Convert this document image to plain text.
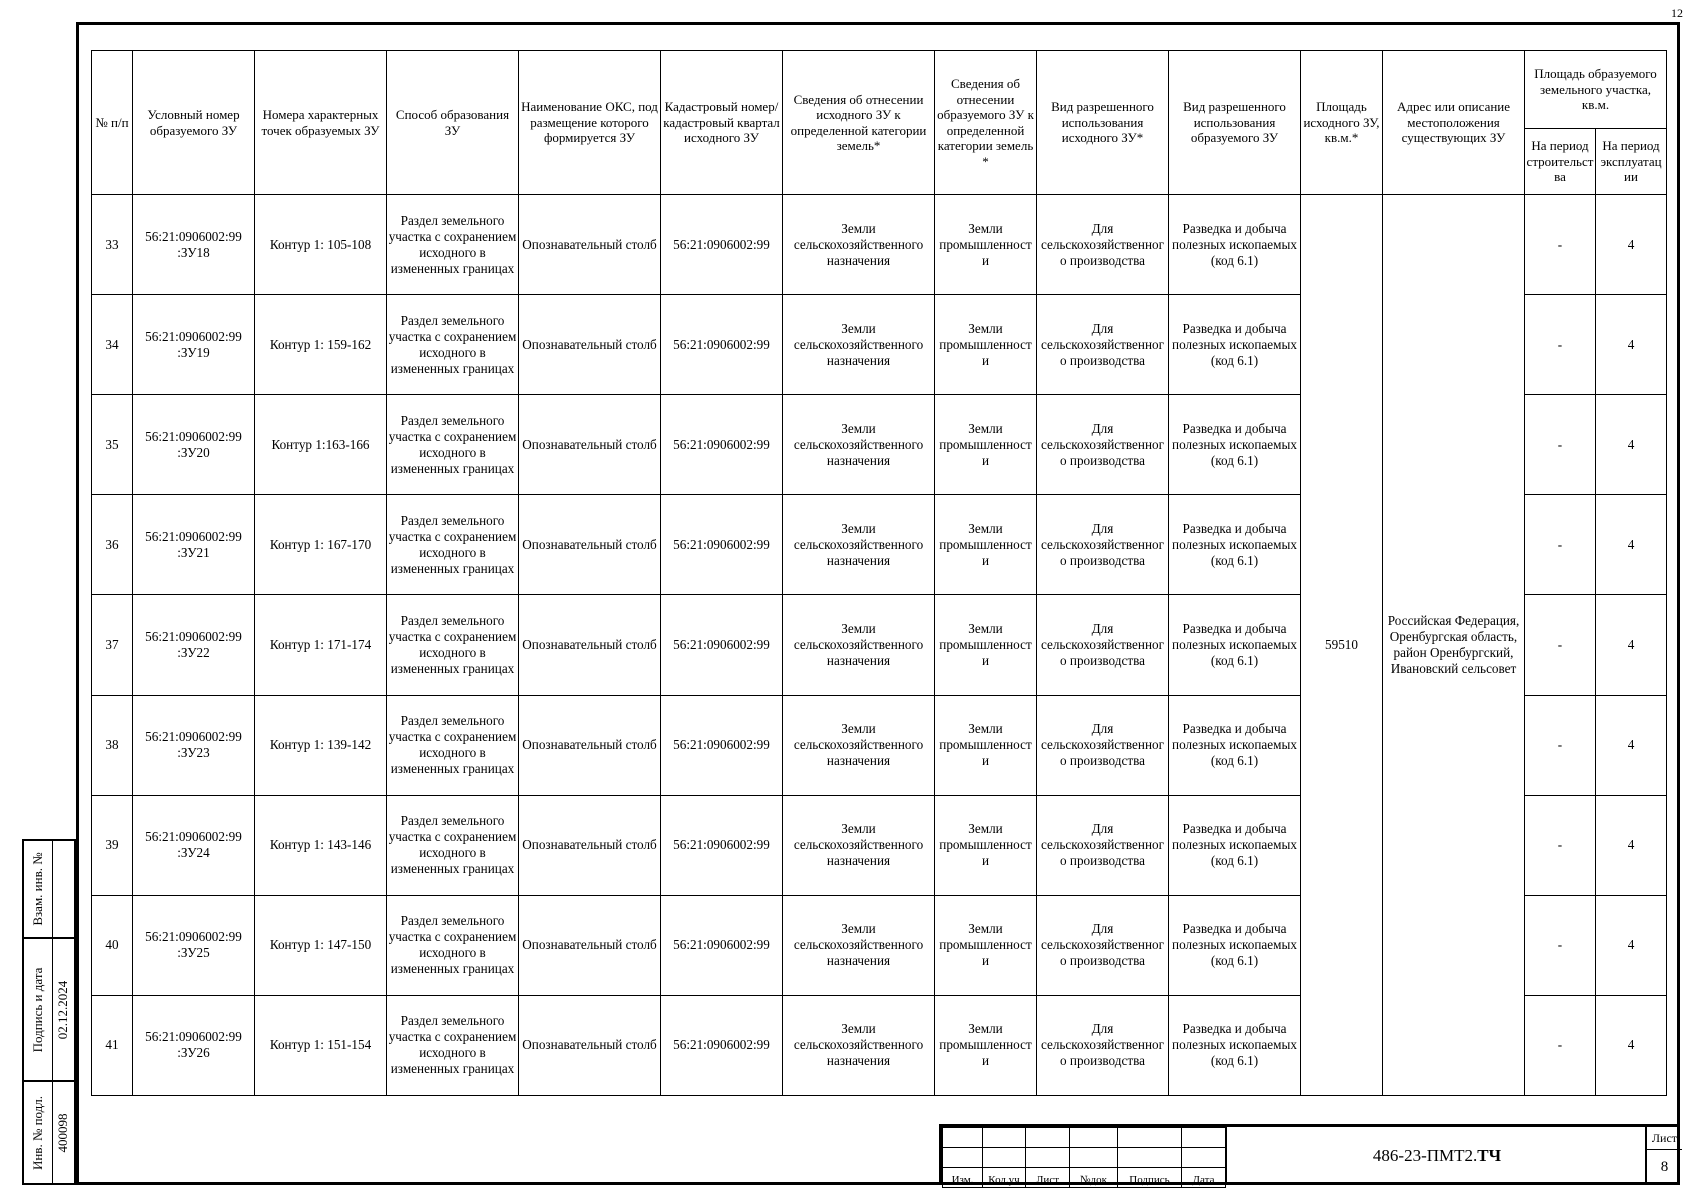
12
№ п/п	Условный номер образуемого ЗУ	Номера характерных точек образуемых ЗУ	Способ образования ЗУ	Наименование ОКС, под размещение которого формируется ЗУ	Кадастровый номер/ кадастровый квартал исходного ЗУ	Сведения об отнесении исходного ЗУ к определенной категории земель*	Сведения об отнесении образуемого ЗУ к определенной категории земель *	Вид разрешенного использования исходного ЗУ*	Вид разрешенного использования образуемого ЗУ	Площадь исходного ЗУ, кв.м.*	Адрес или описание местоположения существующих ЗУ	Площадь образуемого земельного участка, кв.м.	
												На период строительства	На период эксплуатации
33	56:21:0906002:99 :ЗУ18	Контур 1: 105-108	Раздел земельного участка с сохранением исходного в измененных границах	Опознавательный столб	56:21:0906002:99	Земли сельскохозяйственного назначения	Земли промышленности	Для сельскохозяйственного производства	Разведка и добыча полезных ископаемых (код 6.1)	59510	Российская Федерация, Оренбургская область, район Оренбургский, Ивановский сельсовет	-	4
34	56:21:0906002:99 :ЗУ19	Контур 1: 159-162	Раздел земельного участка с сохранением исходного в измененных границах	Опознавательный столб	56:21:0906002:99	Земли сельскохозяйственного назначения	Земли промышленности	Для сельскохозяйственного производства	Разведка и добыча полезных ископаемых (код 6.1)			-	4
35	56:21:0906002:99 :ЗУ20	Контур 1:163-166	Раздел земельного участка с сохранением исходного в измененных границах	Опознавательный столб	56:21:0906002:99	Земли сельскохозяйственного назначения	Земли промышленности	Для сельскохозяйственного производства	Разведка и добыча полезных ископаемых (код 6.1)			-	4
36	56:21:0906002:99 :ЗУ21	Контур 1: 167-170	Раздел земельного участка с сохранением исходного в измененных границах	Опознавательный столб	56:21:0906002:99	Земли сельскохозяйственного назначения	Земли промышленности	Для сельскохозяйственного производства	Разведка и добыча полезных ископаемых (код 6.1)			-	4
37	56:21:0906002:99 :ЗУ22	Контур 1: 171-174	Раздел земельного участка с сохранением исходного в измененных границах	Опознавательный столб	56:21:0906002:99	Земли сельскохозяйственного назначения	Земли промышленности	Для сельскохозяйственного производства	Разведка и добыча полезных ископаемых (код 6.1)			-	4
38	56:21:0906002:99 :ЗУ23	Контур 1: 139-142	Раздел земельного участка с сохранением исходного в измененных границах	Опознавательный столб	56:21:0906002:99	Земли сельскохозяйственного назначения	Земли промышленности	Для сельскохозяйственного производства	Разведка и добыча полезных ископаемых (код 6.1)			-	4
39	56:21:0906002:99 :ЗУ24	Контур 1: 143-146	Раздел земельного участка с сохранением исходного в измененных границах	Опознавательный столб	56:21:0906002:99	Земли сельскохозяйственного назначения	Земли промышленности	Для сельскохозяйственного производства	Разведка и добыча полезных ископаемых (код 6.1)			-	4
40	56:21:0906002:99 :ЗУ25	Контур 1: 147-150	Раздел земельного участка с сохранением исходного в измененных границах	Опознавательный столб	56:21:0906002:99	Земли сельскохозяйственного назначения	Земли промышленности	Для сельскохозяйственного производства	Разведка и добыча полезных ископаемых (код 6.1)			-	4
41	56:21:0906002:99 :ЗУ26	Контур 1: 151-154	Раздел земельного участка с сохранением исходного в измененных границах	Опознавательный столб	56:21:0906002:99	Земли сельскохозяйственного назначения	Земли промышленности	Для сельскохозяйственного производства	Разведка и добыча полезных ископаемых (код 6.1)			-	4
Взам. инв. №
Подпись и дата 02.12.2024
Инв. № подл. 400098

Изм.	Кол.уч	Лист	№док	Подпись	Дата
486-23-ПМТ2. ТЧ
Лист
8
